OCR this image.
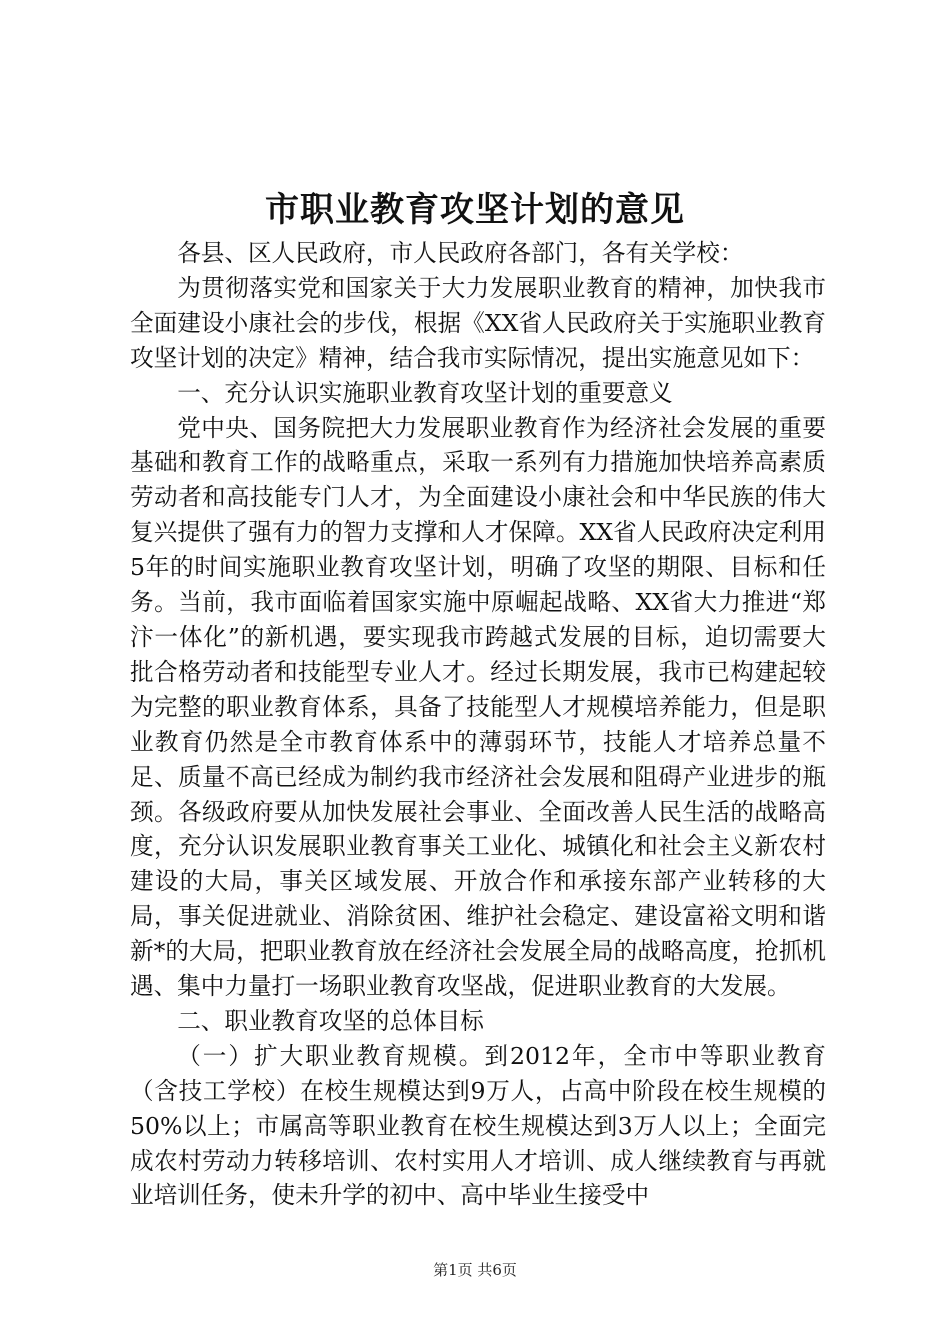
市职业教育攻坚计划的意见

各县、区人民政府，市人民政府各部门，各有关学校：

为贯彻落实党和国家关于大力发展职业教育的精神，加快我市全面建设小康社会的步伐，根据《XX省人民政府关于实施职业教育攻坚计划的决定》精神，结合我市实际情况，提出实施意见如下：

一、充分认识实施职业教育攻坚计划的重要意义

党中央、国务院把大力发展职业教育作为经济社会发展的重要基础和教育工作的战略重点，采取一系列有力措施加快培养高素质劳动者和高技能专门人才，为全面建设小康社会和中华民族的伟大复兴提供了强有力的智力支撑和人才保障。XX省人民政府决定利用5年的时间实施职业教育攻坚计划，明确了攻坚的期限、目标和任务。当前，我市面临着国家实施中原崛起战略、XX省大力推进“郑汴一体化”的新机遇，要实现我市跨越式发展的目标，迫切需要大批合格劳动者和技能型专业人才。经过长期发展，我市已构建起较为完整的职业教育体系，具备了技能型人才规模培养能力，但是职业教育仍然是全市教育体系中的薄弱环节，技能人才培养总量不足、质量不高已经成为制约我市经济社会发展和阻碍产业进步的瓶颈。各级政府要从加快发展社会事业、全面改善人民生活的战略高度，充分认识发展职业教育事关工业化、城镇化和社会主义新农村建设的大局，事关区域发展、开放合作和承接东部产业转移的大局，事关促进就业、消除贫困、维护社会稳定、建设富裕文明和谐新*的大局，把职业教育放在经济社会发展全局的战略高度，抢抓机遇、集中力量打一场职业教育攻坚战，促进职业教育的大发展。

二、职业教育攻坚的总体目标

（一）扩大职业教育规模。到2012年，全市中等职业教育（含技工学校）在校生规模达到9万人，占高中阶段在校生规模的50%以上；市属高等职业教育在校生规模达到3万人以上；全面完成农村劳动力转移培训、农村实用人才培训、成人继续教育与再就业培训任务，使未升学的初中、高中毕业生接受中

第1页 共6页
